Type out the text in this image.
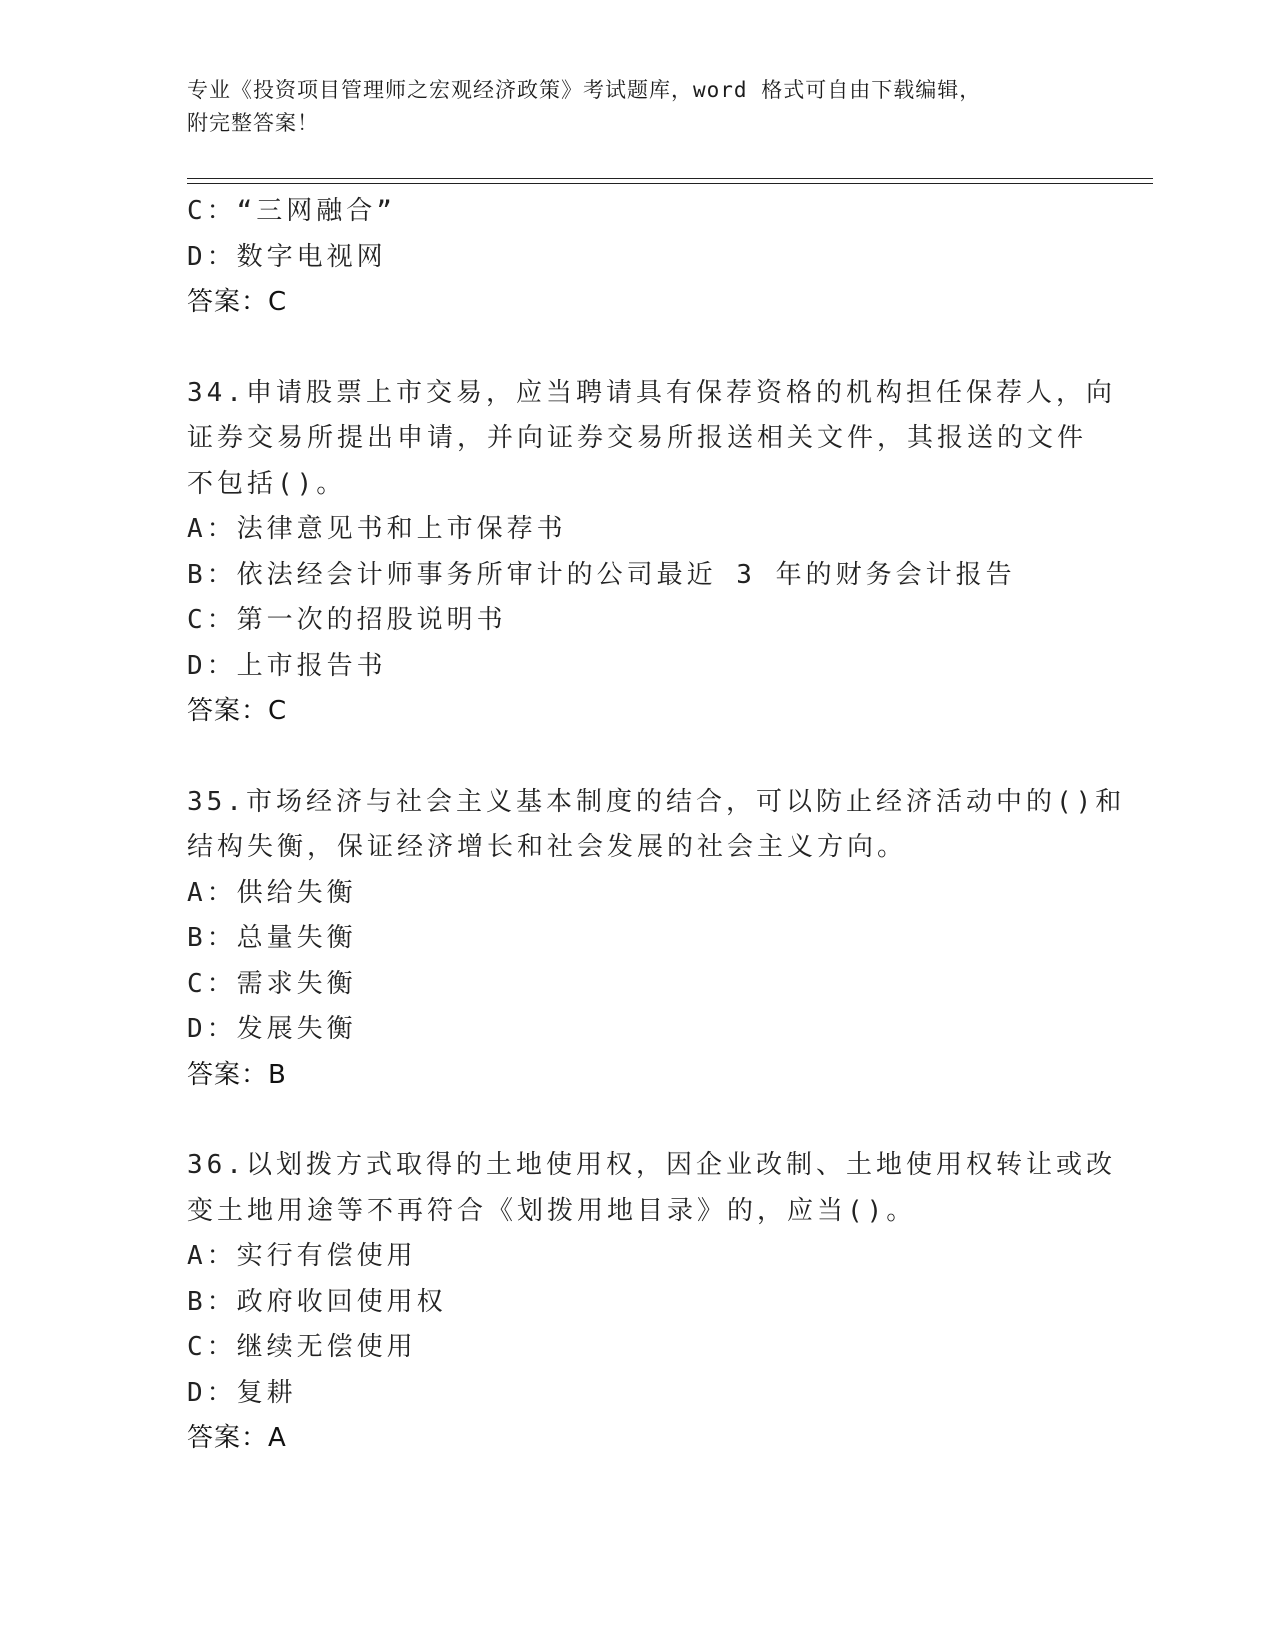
专业《投资项目管理师之宏观经济政策》考试题库，word 格式可自由下载编辑，
附完整答案！
C：“三网融合”
D：数字电视网
答案：C
34.申请股票上市交易，应当聘请具有保荐资格的机构担任保荐人，向
证券交易所提出申请，并向证券交易所报送相关文件，其报送的文件
不包括()。
A：法律意见书和上市保荐书
B：依法经会计师事务所审计的公司最近 3 年的财务会计报告
C：第一次的招股说明书
D：上市报告书
答案：C
35.市场经济与社会主义基本制度的结合，可以防止经济活动中的()和
结构失衡，保证经济增长和社会发展的社会主义方向。
A：供给失衡
B：总量失衡
C：需求失衡
D：发展失衡
答案：B
36.以划拨方式取得的土地使用权，因企业改制、土地使用权转让或改
变土地用途等不再符合《划拨用地目录》的，应当()。
A：实行有偿使用
B：政府收回使用权
C：继续无偿使用
D：复耕
答案：A
